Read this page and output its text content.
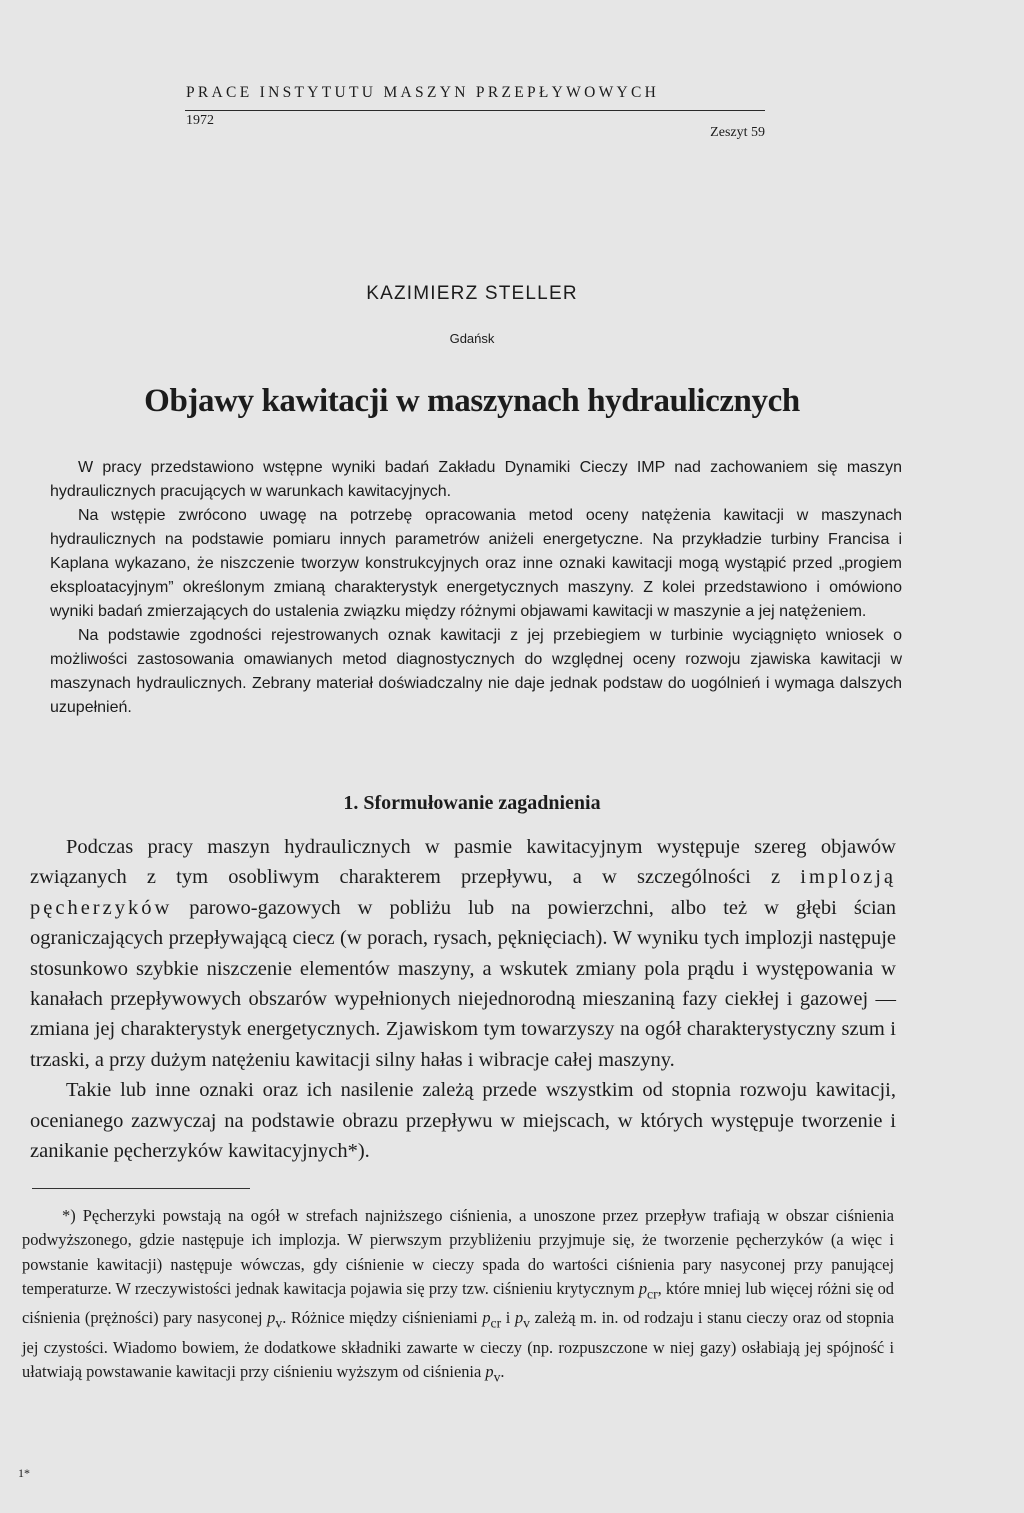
PRACE INSTYTUTU MASZYN PRZEPŁYWOWYCH
1972
Zeszyt 59
KAZIMIERZ STELLER
Gdańsk
Objawy kawitacji w maszynach hydraulicznych

W pracy przedstawiono wstępne wyniki badań Zakładu Dynamiki Cieczy IMP nad zachowaniem się maszyn hydraulicznych pracujących w warunkach kawitacyjnych.

Na wstępie zwrócono uwagę na potrzebę opracowania metod oceny natężenia kawitacji w maszynach hydraulicznych na podstawie pomiaru innych parametrów aniżeli energetyczne. Na przykładzie turbiny Francisa i Kaplana wykazano, że niszczenie tworzyw konstrukcyjnych oraz inne oznaki kawitacji mogą wystąpić przed „progiem eksploatacyjnym” określonym zmianą charakterystyk energetycznych maszyny. Z kolei przedstawiono i omówiono wyniki badań zmierzających do ustalenia związku między różnymi objawami kawitacji w maszynie a jej natężeniem.

Na podstawie zgodności rejestrowanych oznak kawitacji z jej przebiegiem w turbinie wyciągnięto wniosek o możliwości zastosowania omawianych metod diagnostycznych do względnej oceny rozwoju zjawiska kawitacji w maszynach hydraulicznych. Zebrany materiał doświadczalny nie daje jednak podstaw do uogólnień i wymaga dalszych uzupełnień.

1. Sformułowanie zagadnienia

Podczas pracy maszyn hydraulicznych w pasmie kawitacyjnym występuje szereg objawów związanych z tym osobliwym charakterem przepływu, a w szczególności z implozją pęcherzyków parowo-gazowych w pobliżu lub na powierzchni, albo też w głębi ścian ograniczających przepływającą ciecz (w porach, rysach, pęknięciach). W wyniku tych implozji następuje stosunkowo szybkie niszczenie elementów maszyny, a wskutek zmiany pola prądu i występowania w kanałach przepływowych obszarów wypełnionych niejednorodną mieszaniną fazy ciekłej i gazowej — zmiana jej charakterystyk energetycznych. Zjawiskom tym towarzyszy na ogół charakterystyczny szum i trzaski, a przy dużym natężeniu kawitacji silny hałas i wibracje całej maszyny.

Takie lub inne oznaki oraz ich nasilenie zależą przede wszystkim od stopnia rozwoju kawitacji, ocenianego zazwyczaj na podstawie obrazu przepływu w miejscach, w których występuje tworzenie i zanikanie pęcherzyków kawitacyjnych*).

*) Pęcherzyki powstają na ogół w strefach najniższego ciśnienia, a unoszone przez przepływ trafiają w obszar ciśnienia podwyższonego, gdzie następuje ich implozja. W pierwszym przybliżeniu przyjmuje się, że tworzenie pęcherzyków (a więc i powstanie kawitacji) następuje wówczas, gdy ciśnienie w cieczy spada do wartości ciśnienia pary nasyconej przy panującej temperaturze. W rzeczywistości jednak kawitacja pojawia się przy tzw. ciśnieniu krytycznym $p_{cr}$, które mniej lub więcej różni się od ciśnienia (prężności) pary nasyconej $p_v$. Różnice między ciśnieniami $p_{cr}$ i $p_v$ zależą m. in. od rodzaju i stanu cieczy oraz od stopnia jej czystości. Wiadomo bowiem, że dodatkowe składniki zawarte w cieczy (np. rozpuszczone w niej gazy) osłabiają jej spójność i ułatwiają powstawanie kawitacji przy ciśnieniu wyższym od ciśnienia $p_v$.

1*
